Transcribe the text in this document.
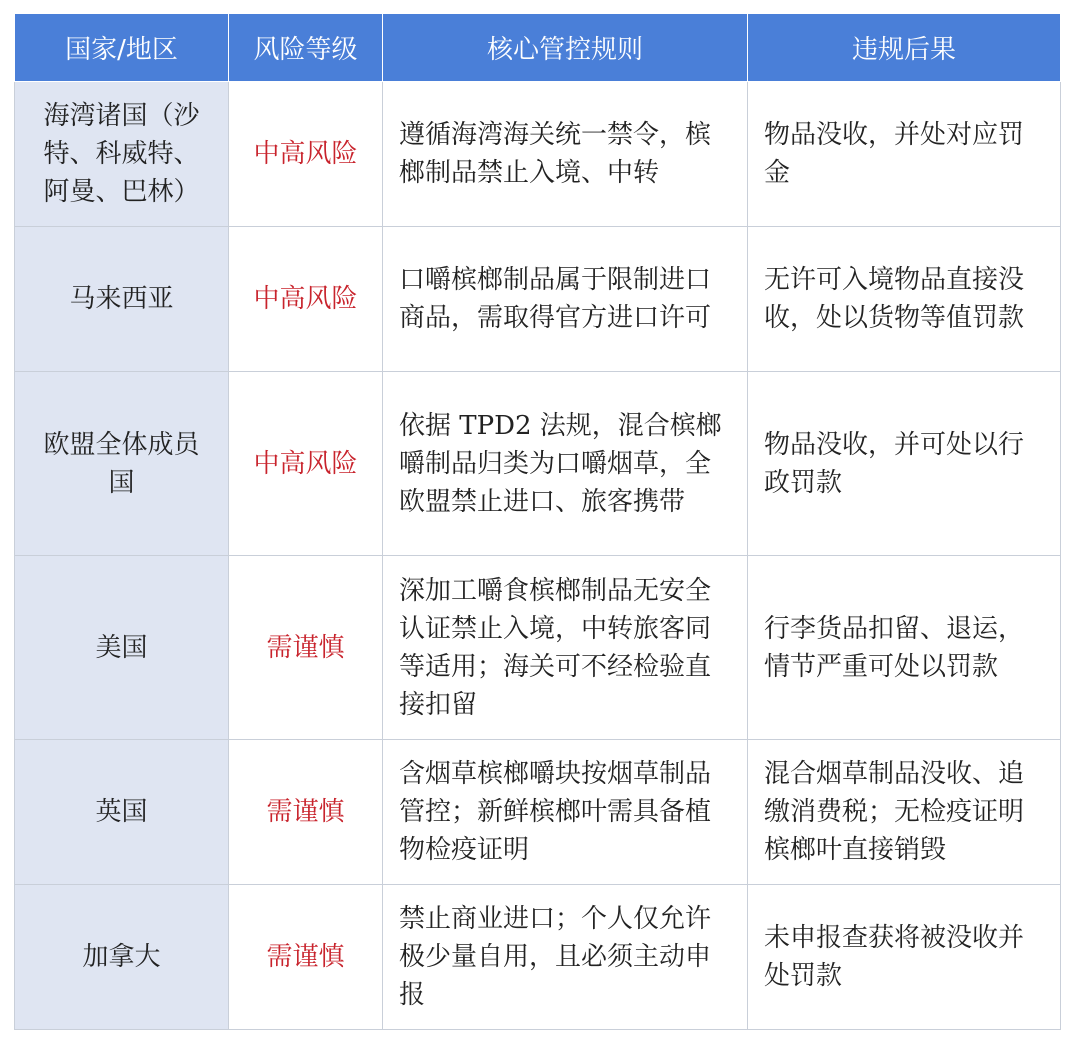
国家/地区	风险等级	核心管控规则	违规后果
海湾诸国（沙特、科威特、阿曼、巴林）	中高风险	遵循海湾海关统一禁令，槟榔制品禁止入境、中转	物品没收，并处对应罚金
马来西亚	中高风险	口嚼槟榔制品属于限制进口商品，需取得官方进口许可	无许可入境物品直接没收，处以货物等值罚款
欧盟全体成员国	中高风险	依据 TPD2 法规，混合槟榔嚼制品归类为口嚼烟草，全欧盟禁止进口、旅客携带	物品没收，并可处以行政罚款
美国	需谨慎	深加工嚼食槟榔制品无安全认证禁止入境，中转旅客同等适用；海关可不经检验直接扣留	行李货品扣留、退运，情节严重可处以罚款
英国	需谨慎	含烟草槟榔嚼块按烟草制品管控；新鲜槟榔叶需具备植物检疫证明	混合烟草制品没收、追缴消费税；无检疫证明槟榔叶直接销毁
加拿大	需谨慎	禁止商业进口；个人仅允许极少量自用，且必须主动申报	未申报查获将被没收并处罚款
